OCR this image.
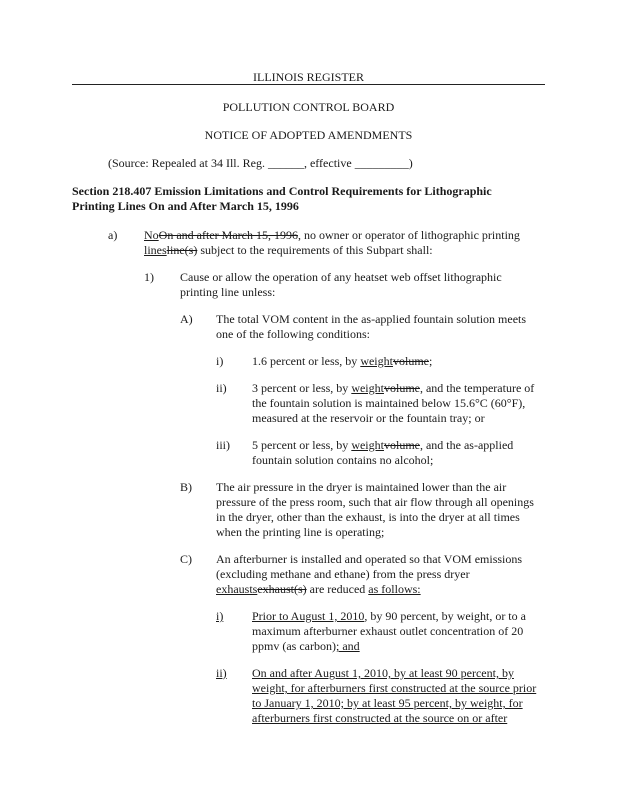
ILLINOIS REGISTER
POLLUTION CONTROL BOARD
NOTICE OF ADOPTED AMENDMENTS
(Source: Repealed at 34 Ill. Reg. ______, effective _________)
Section 218.407 Emission Limitations and Control Requirements for Lithographic
Printing Lines On and After March 15, 1996
a) NoOn and after March 15, 1996, no owner or operator of lithographic printing
linesline(s) subject to the requirements of this Subpart shall:
1) Cause or allow the operation of any heatset web offset lithographic
printing line unless:
A) The total VOM content in the as-applied fountain solution meets
one of the following conditions:
i) 1.6 percent or less, by weightvolume;
ii) 3 percent or less, by weightvolume, and the temperature of
the fountain solution is maintained below 15.6°C (60°F),
measured at the reservoir or the fountain tray; or
iii) 5 percent or less, by weightvolume, and the as-applied
fountain solution contains no alcohol;
B) The air pressure in the dryer is maintained lower than the air
pressure of the press room, such that air flow through all openings
in the dryer, other than the exhaust, is into the dryer at all times
when the printing line is operating;
C) An afterburner is installed and operated so that VOM emissions
(excluding methane and ethane) from the press dryer
exhaustsexhaust(s) are reduced as follows:
i) Prior to August 1, 2010, by 90 percent, by weight, or to a
maximum afterburner exhaust outlet concentration of 20
ppmv (as carbon); and
ii) On and after August 1, 2010, by at least 90 percent, by
weight, for afterburners first constructed at the source prior
to January 1, 2010; by at least 95 percent, by weight, for
afterburners first constructed at the source on or after
